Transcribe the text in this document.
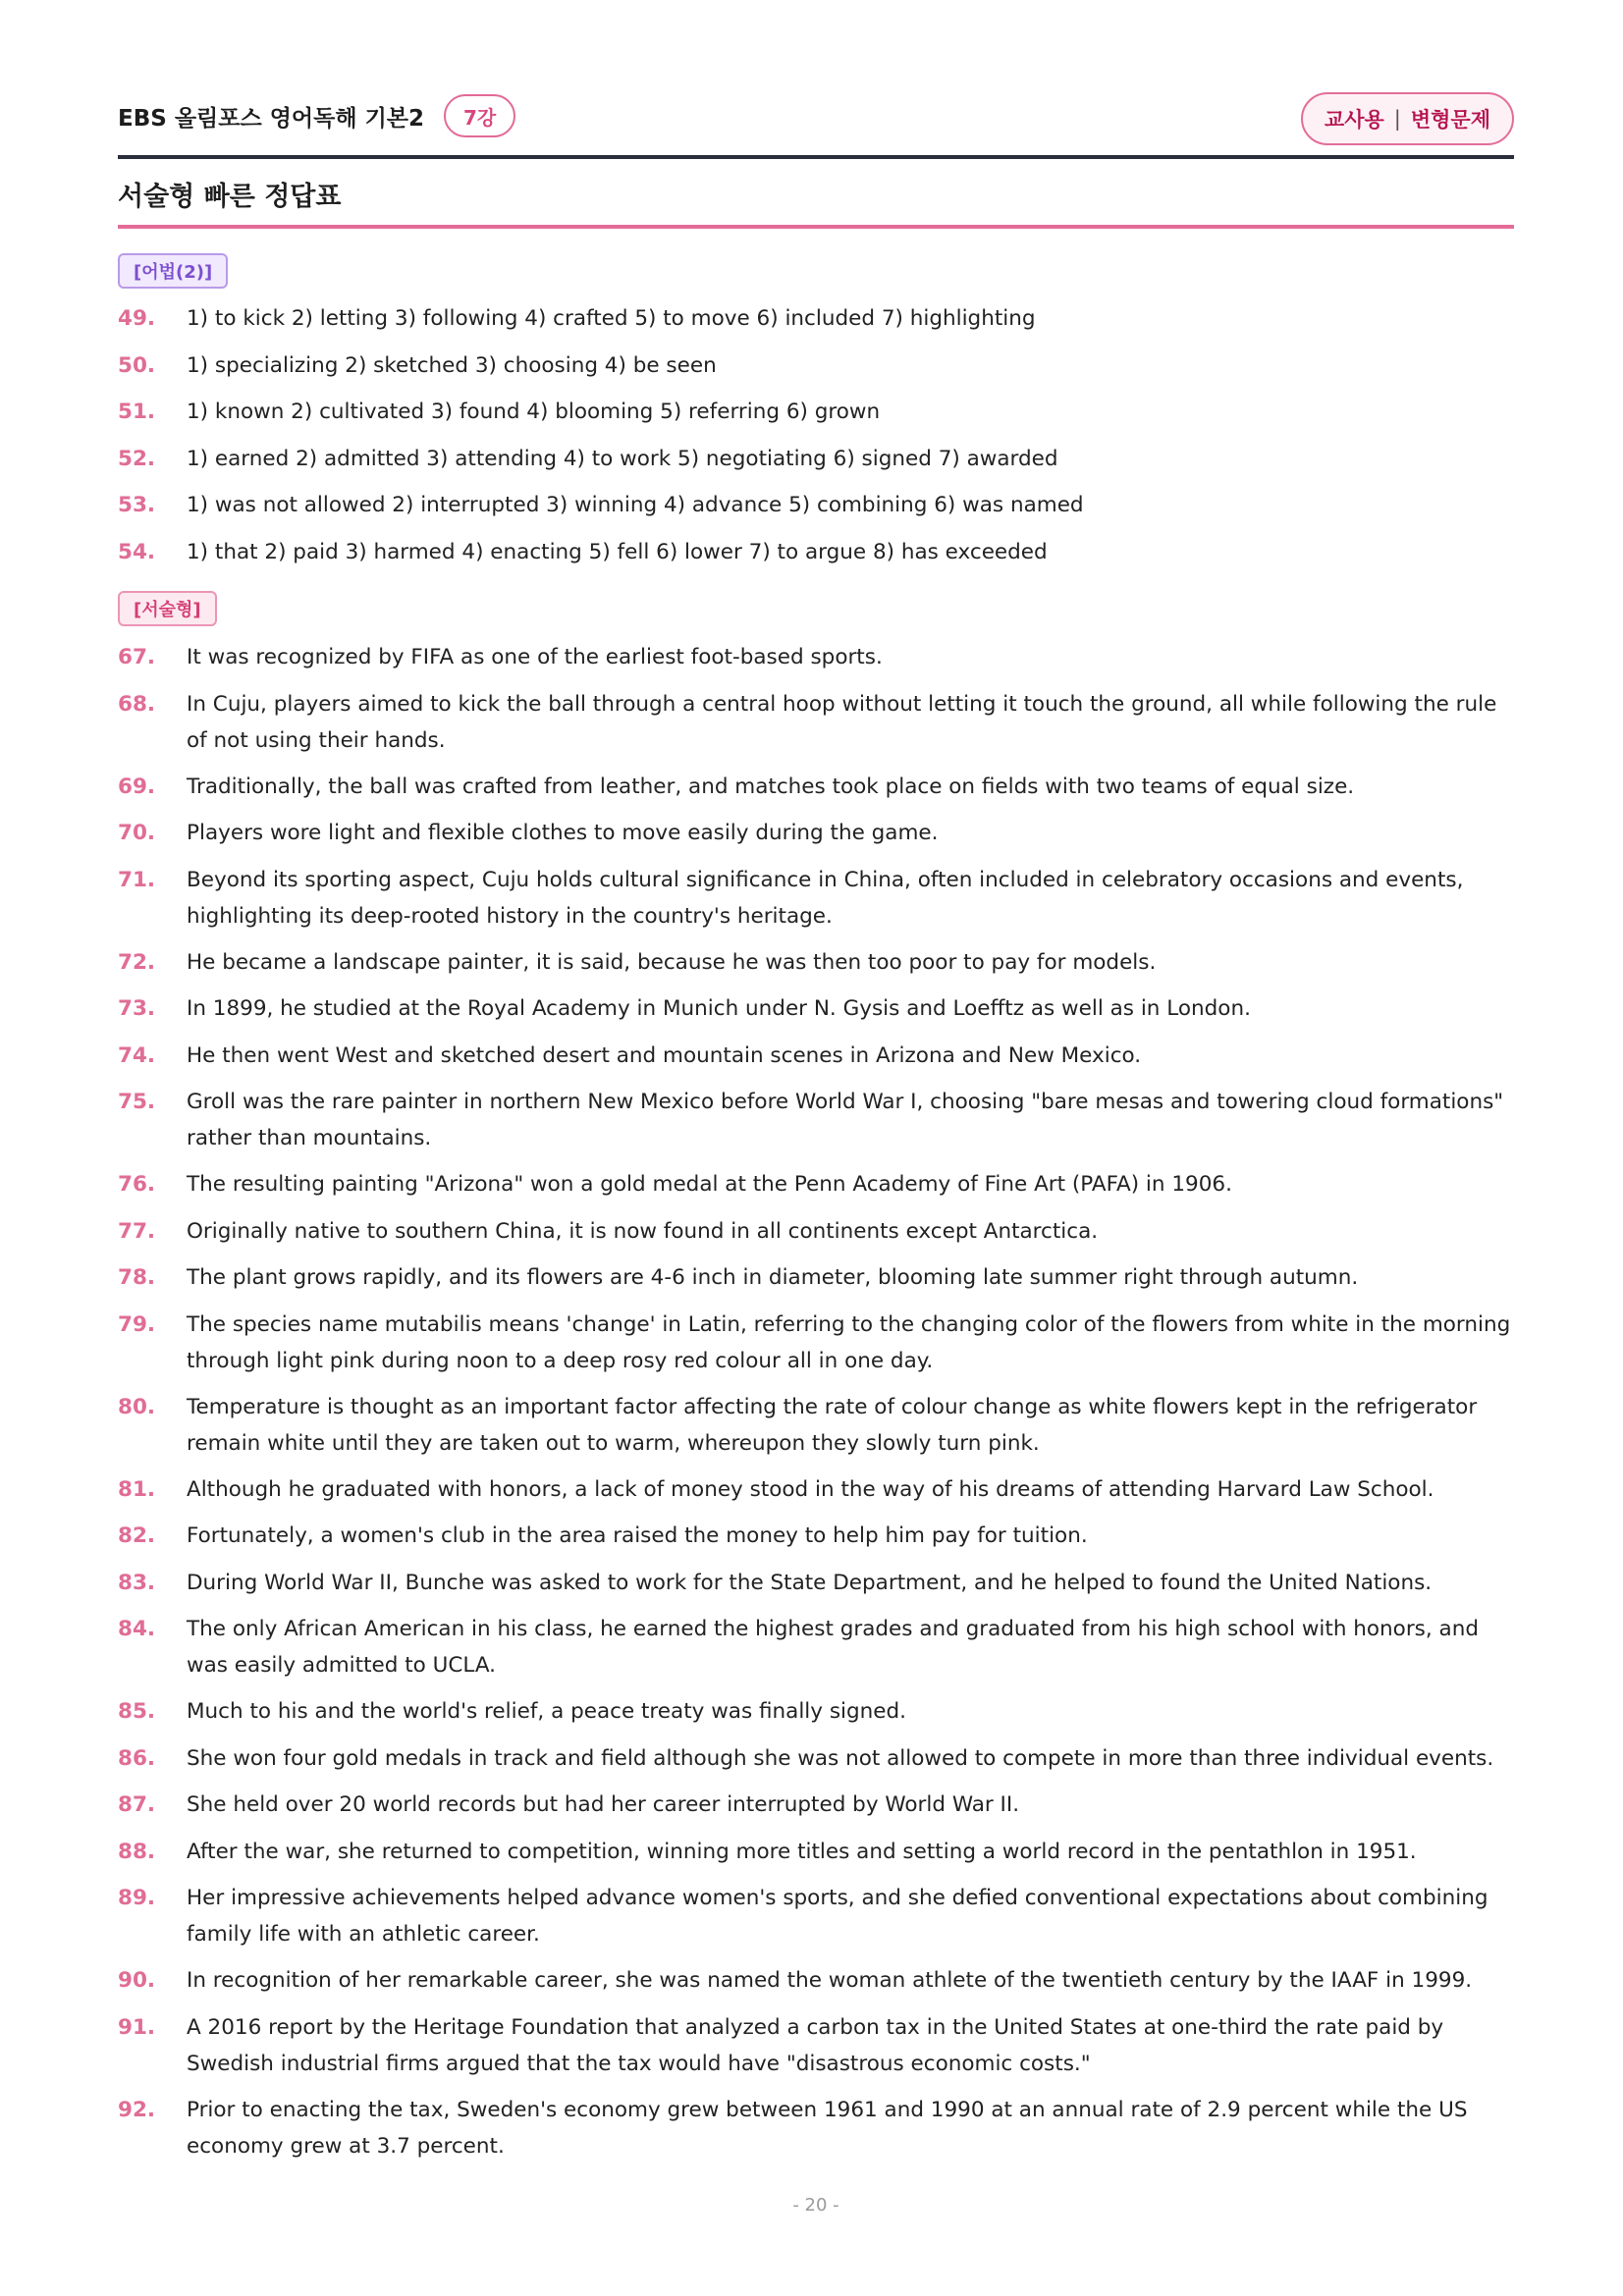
EBS 올림포스 영어독해 기본2	7강	교사용 | 변형문제
서술형 빠른 정답표
[어법(2)]
[서술형]
49. 1) to kick 2) letting 3) following 4) crafted 5) to move 6) included 7) highlighting
50. 1) specializing 2) sketched 3) choosing 4) be seen
51. 1) known 2) cultivated 3) found 4) blooming 5) referring 6) grown
52. 1) earned 2) admitted 3) attending 4) to work 5) negotiating 6) signed 7) awarded
53. 1) was not allowed 2) interrupted 3) winning 4) advance 5) combining 6) was named
54. 1) that 2) paid 3) harmed 4) enacting 5) fell 6) lower 7) to argue 8) has exceeded
67. It was recognized by FIFA as one of the earliest foot-based sports.
68. In Cuju, players aimed to kick the ball through a central hoop without letting it touch the ground, all while following the rule of not using their hands.
69. Traditionally, the ball was crafted from leather, and matches took place on fields with two teams of equal size.
70. Players wore light and flexible clothes to move easily during the game.
71. Beyond its sporting aspect, Cuju holds cultural significance in China, often included in celebratory occasions and events, highlighting its deep-rooted history in the country's heritage.
72. He became a landscape painter, it is said, because he was then too poor to pay for models.
73. In 1899, he studied at the Royal Academy in Munich under N. Gysis and Loefftz as well as in London.
74. He then went West and sketched desert and mountain scenes in Arizona and New Mexico.
75. Groll was the rare painter in northern New Mexico before World War I, choosing "bare mesas and towering cloud formations" rather than mountains.
76. The resulting painting "Arizona" won a gold medal at the Penn Academy of Fine Art (PAFA) in 1906.
77. Originally native to southern China, it is now found in all continents except Antarctica.
78. The plant grows rapidly, and its flowers are 4-6 inch in diameter, blooming late summer right through autumn.
79. The species name mutabilis means 'change' in Latin, referring to the changing color of the flowers from white in the morning through light pink during noon to a deep rosy red colour all in one day.
80. Temperature is thought as an important factor affecting the rate of colour change as white flowers kept in the refrigerator remain white until they are taken out to warm, whereupon they slowly turn pink.
81. Although he graduated with honors, a lack of money stood in the way of his dreams of attending Harvard Law School.
82. Fortunately, a women's club in the area raised the money to help him pay for tuition.
83. During World War II, Bunche was asked to work for the State Department, and he helped to found the United Nations.
84. The only African American in his class, he earned the highest grades and graduated from his high school with honors, and was easily admitted to UCLA.
85. Much to his and the world's relief, a peace treaty was finally signed.
86. She won four gold medals in track and field although she was not allowed to compete in more than three individual events.
87. She held over 20 world records but had her career interrupted by World War II.
88. After the war, she returned to competition, winning more titles and setting a world record in the pentathlon in 1951.
89. Her impressive achievements helped advance women's sports, and she defied conventional expectations about combining family life with an athletic career.
90. In recognition of her remarkable career, she was named the woman athlete of the twentieth century by the IAAF in 1999.
91. A 2016 report by the Heritage Foundation that analyzed a carbon tax in the United States at one-third the rate paid by Swedish industrial firms argued that the tax would have "disastrous economic costs."
92. Prior to enacting the tax, Sweden's economy grew between 1961 and 1990 at an annual rate of 2.9 percent while the US economy grew at 3.7 percent.
- 20 -
